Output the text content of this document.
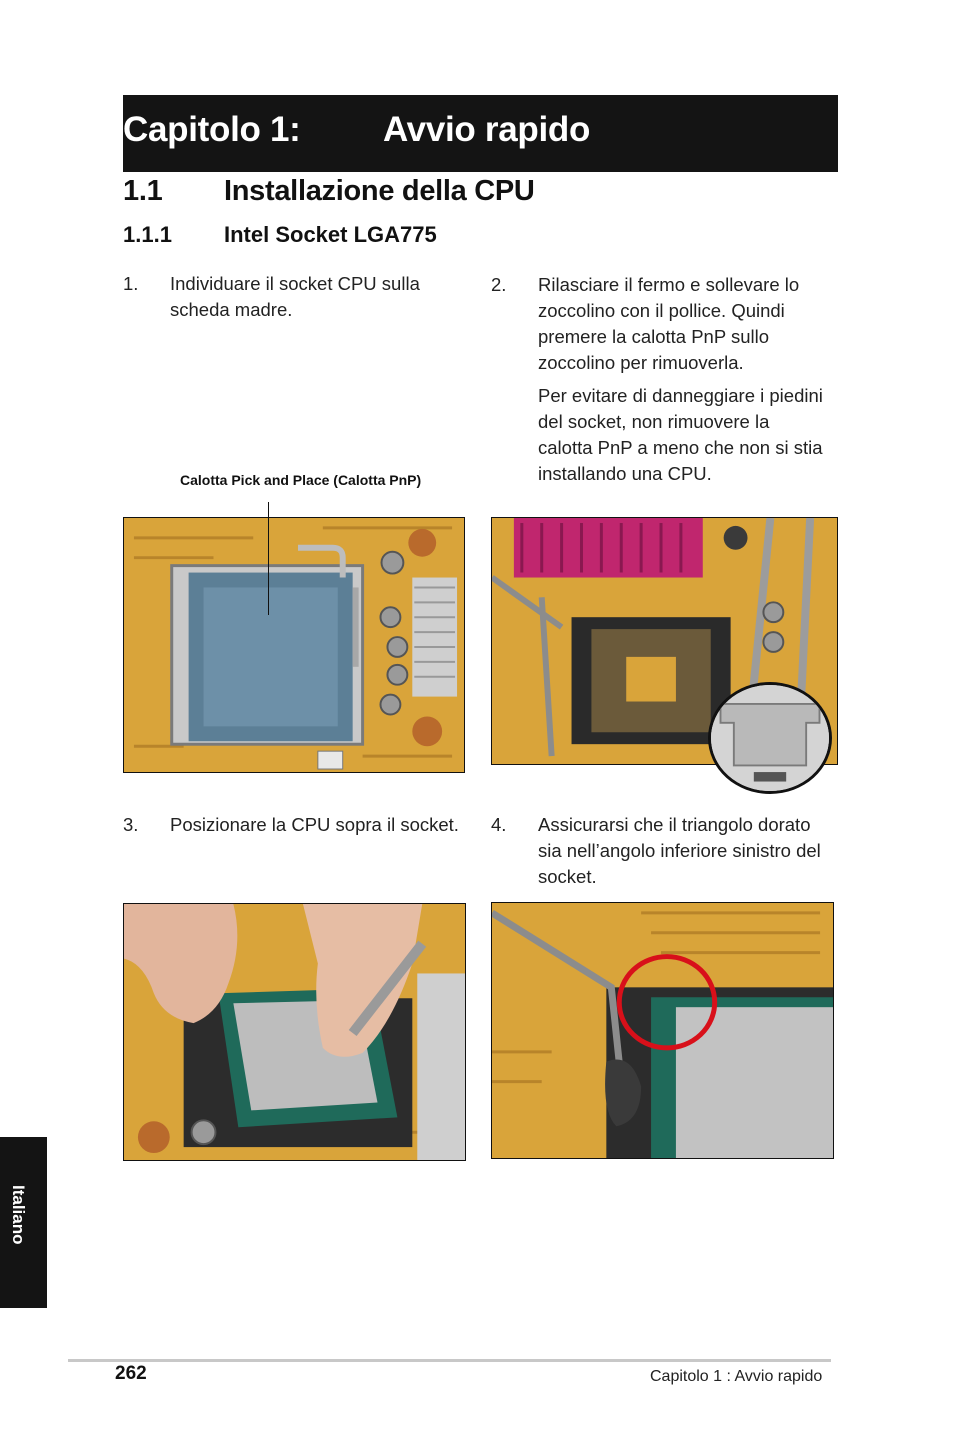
Capitolo 1: Avvio rapido
1.1 Installazione della CPU
1.1.1 Intel Socket LGA775
1. Individuare il socket CPU sulla
scheda madre.
2. Rilasciare il fermo e sollevare lo
zoccolino con il pollice. Quindi
premere la calotta PnP sullo
zoccolino per rimuoverla.
Per evitare di danneggiare i piedini
del socket, non rimuovere la
calotta PnP a meno che non si stia
installando una CPU.
Calotta Pick and Place (Calotta PnP)
3. Posizionare la CPU sopra il socket. 4. Assicurarsi che il triangolo dorato
sia nell’angolo inferiore sinistro del
socket.
Italiano
262	Capitolo 1 : Avvio rapido
